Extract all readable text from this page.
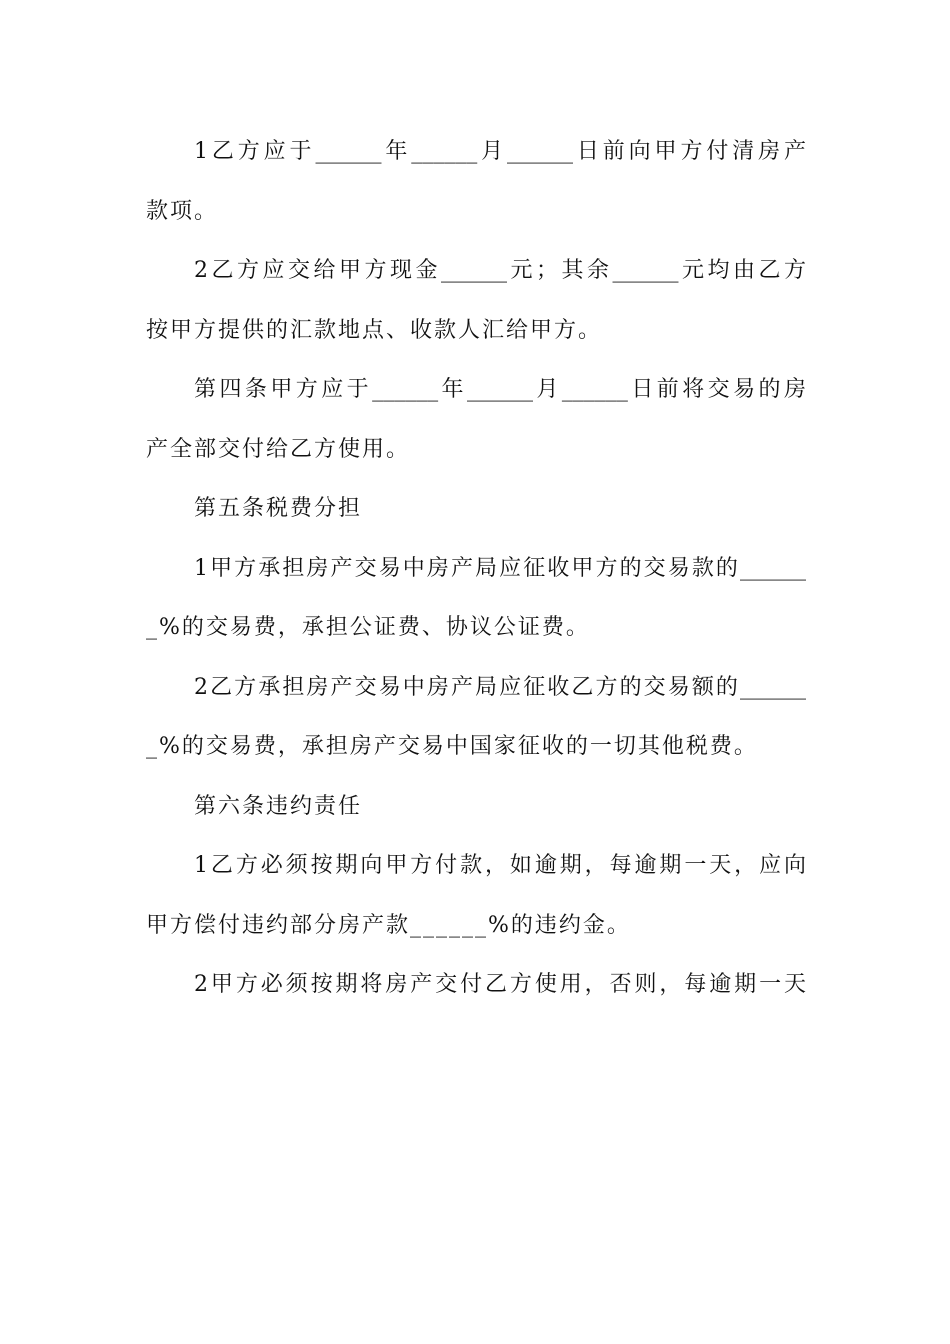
1乙方应于______年______月______日前向甲方付清房产
款项。
2乙方应交给甲方现金______元；其余______元均由乙方
按甲方提供的汇款地点、收款人汇给甲方。
第四条甲方应于______年______月______日前将交易的房
产全部交付给乙方使用。
第五条税费分担
1甲方承担房产交易中房产局应征收甲方的交易款的______
_%的交易费，承担公证费、协议公证费。
2乙方承担房产交易中房产局应征收乙方的交易额的______
_%的交易费，承担房产交易中国家征收的一切其他税费。
第六条违约责任
1乙方必须按期向甲方付款，如逾期，每逾期一天，应向
甲方偿付违约部分房产款______%的违约金。
2甲方必须按期将房产交付乙方使用，否则，每逾期一天
